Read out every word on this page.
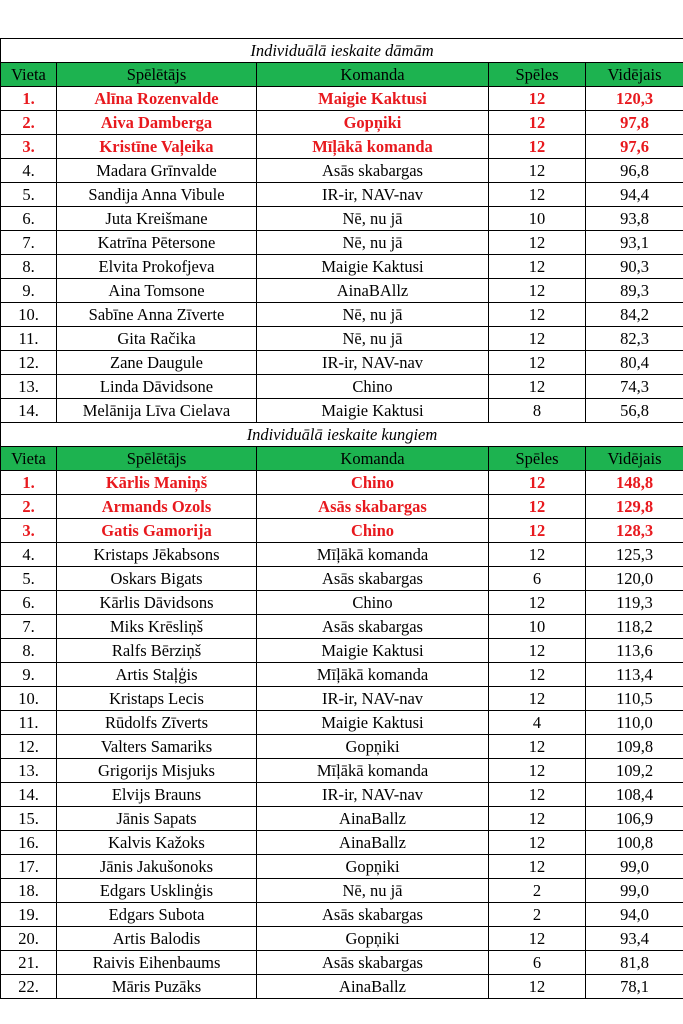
Individuālā ieskaite dāmām				
Vieta	Spēlētājs	Komanda	Spēles	Vidējais
1.	Alīna Rozenvalde	Maigie Kaktusi	12	120,3
2.	Aiva Damberga	Gopņiki	12	97,8
3.	Kristīne Vaļeika	Mīļākā komanda	12	97,6
4.	Madara Grīnvalde	Asās skabargas	12	96,8
5.	Sandija Anna Vibule	IR-ir, NAV-nav	12	94,4
6.	Juta Kreišmane	Nē, nu jā	10	93,8
7.	Katrīna Pētersone	Nē, nu jā	12	93,1
8.	Elvita Prokofjeva	Maigie Kaktusi	12	90,3
9.	Aina Tomsone	AinaBAllz	12	89,3
10.	Sabīne Anna Zīverte	Nē, nu jā	12	84,2
11.	Gita Račika	Nē, nu jā	12	82,3
12.	Zane Daugule	IR-ir, NAV-nav	12	80,4
13.	Linda Dāvidsone	Chino	12	74,3
14.	Melānija Līva Cielava	Maigie Kaktusi	8	56,8
Individuālā ieskaite kungiem				
Vieta	Spēlētājs	Komanda	Spēles	Vidējais
1.	Kārlis Maniņš	Chino	12	148,8
2.	Armands Ozols	Asās skabargas	12	129,8
3.	Gatis Gamorija	Chino	12	128,3
4.	Kristaps Jēkabsons	Mīļākā komanda	12	125,3
5.	Oskars Bigats	Asās skabargas	6	120,0
6.	Kārlis Dāvidsons	Chino	12	119,3
7.	Miks Krēsliņš	Asās skabargas	10	118,2
8.	Ralfs Bērziņš	Maigie Kaktusi	12	113,6
9.	Artis Staļģis	Mīļākā komanda	12	113,4
10.	Kristaps Lecis	IR-ir, NAV-nav	12	110,5
11.	Rūdolfs Zīverts	Maigie Kaktusi	4	110,0
12.	Valters Samariks	Gopņiki	12	109,8
13.	Grigorijs Misjuks	Mīļākā komanda	12	109,2
14.	Elvijs Brauns	IR-ir, NAV-nav	12	108,4
15.	Jānis Sapats	AinaBallz	12	106,9
16.	Kalvis Kažoks	AinaBallz	12	100,8
17.	Jānis Jakušonoks	Gopņiki	12	99,0
18.	Edgars Usklinģis	Nē, nu jā	2	99,0
19.	Edgars Subota	Asās skabargas	2	94,0
20.	Artis Balodis	Gopņiki	12	93,4
21.	Raivis Eihenbaums	Asās skabargas	6	81,8
22.	Māris Puzāks	AinaBallz	12	78,1
